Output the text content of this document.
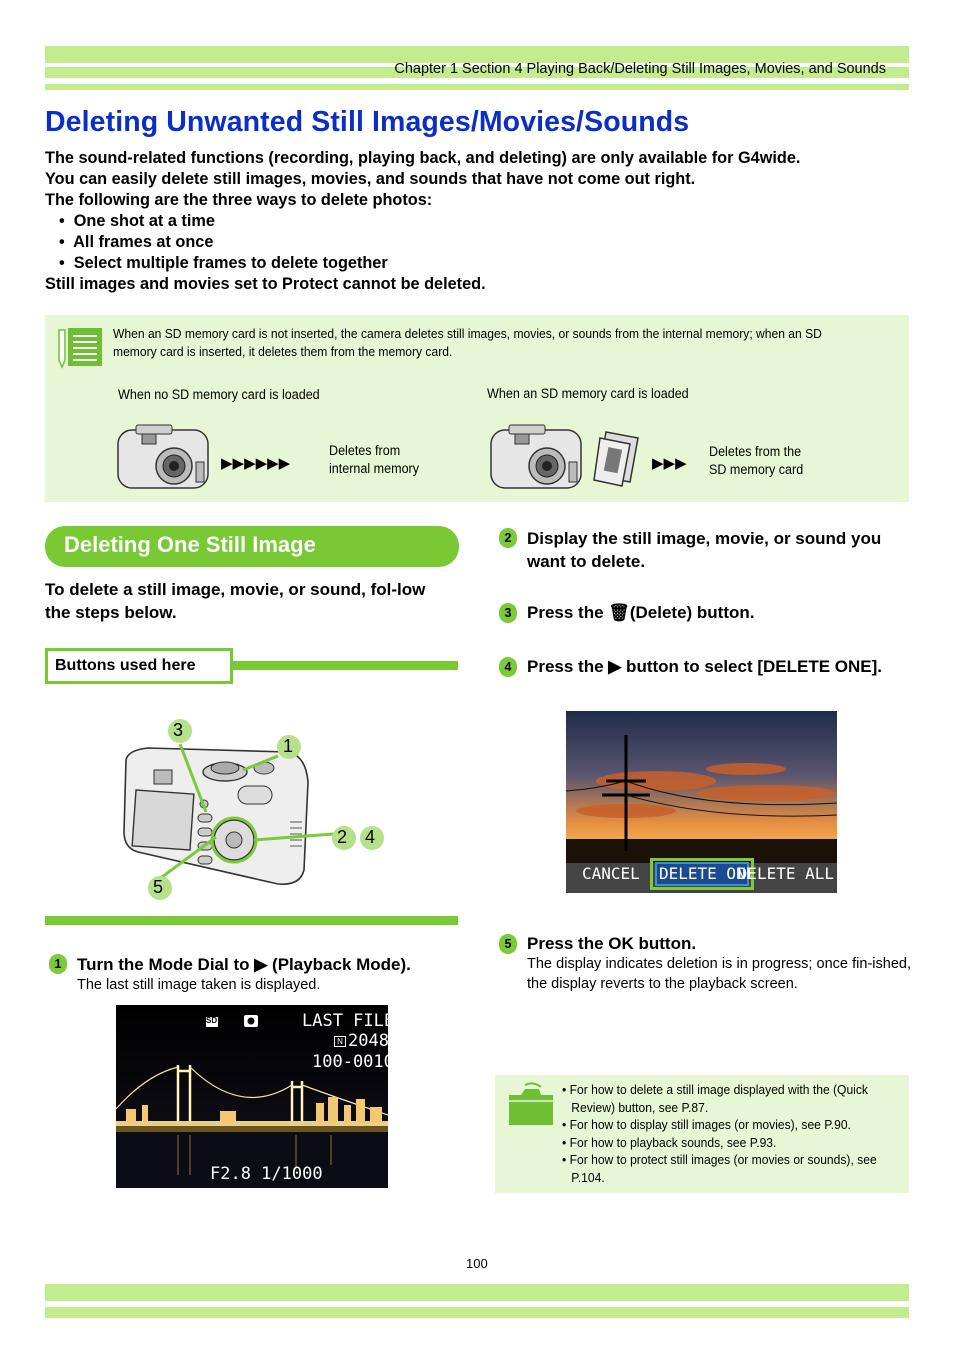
Chapter 1 Section 4 Playing Back/Deleting Still Images, Movies, and Sounds
Deleting Unwanted Still Images/Movies/Sounds
The sound-related functions (recording, playing back, and deleting) are only available for G4wide.
You can easily delete still images, movies, and sounds that have not come out right.
The following are the three ways to delete photos:
•  One shot at a time
•  All frames at once
•  Select multiple frames to delete together
Still images and movies set to Protect cannot be deleted.
When an SD memory card is not inserted, the camera deletes still images, movies, or sounds from the internal memory; when an SD memory card is inserted, it deletes them from the memory card.
When no SD memory card is loaded	When an SD memory card is loaded
▶▶▶▶▶▶
Deletes from
internal memory	▶▶▶
Deletes from the
SD memory card
Deleting One Still Image
To delete a still image, movie, or sound, fol-low the steps below.
Buttons used here
3
1
2 4
5
1 Turn the Mode Dial to ▶ (Playback Mode).
The last still image taken is displayed.
SD	LAST FILE
N 2048
100-0010
F2.8 1/1000
2 Display the still image, movie, or sound you want to delete.
3 Press the 🗑(Delete) button.
4 Press the ▶ button to select [DELETE ONE].
CANCEL DELETE ONE
DELETE ALL
5 Press the OK button.
The display indicates deletion is in progress; once fin-ished, the display reverts to the playback screen.
• For how to delete a still image displayed with the (Quick Review) button, see P.87.
• For how to display still images (or movies), see P.90.
• For how to playback sounds, see P.93.
• For how to protect still images (or movies or sounds), see P.104.
100
